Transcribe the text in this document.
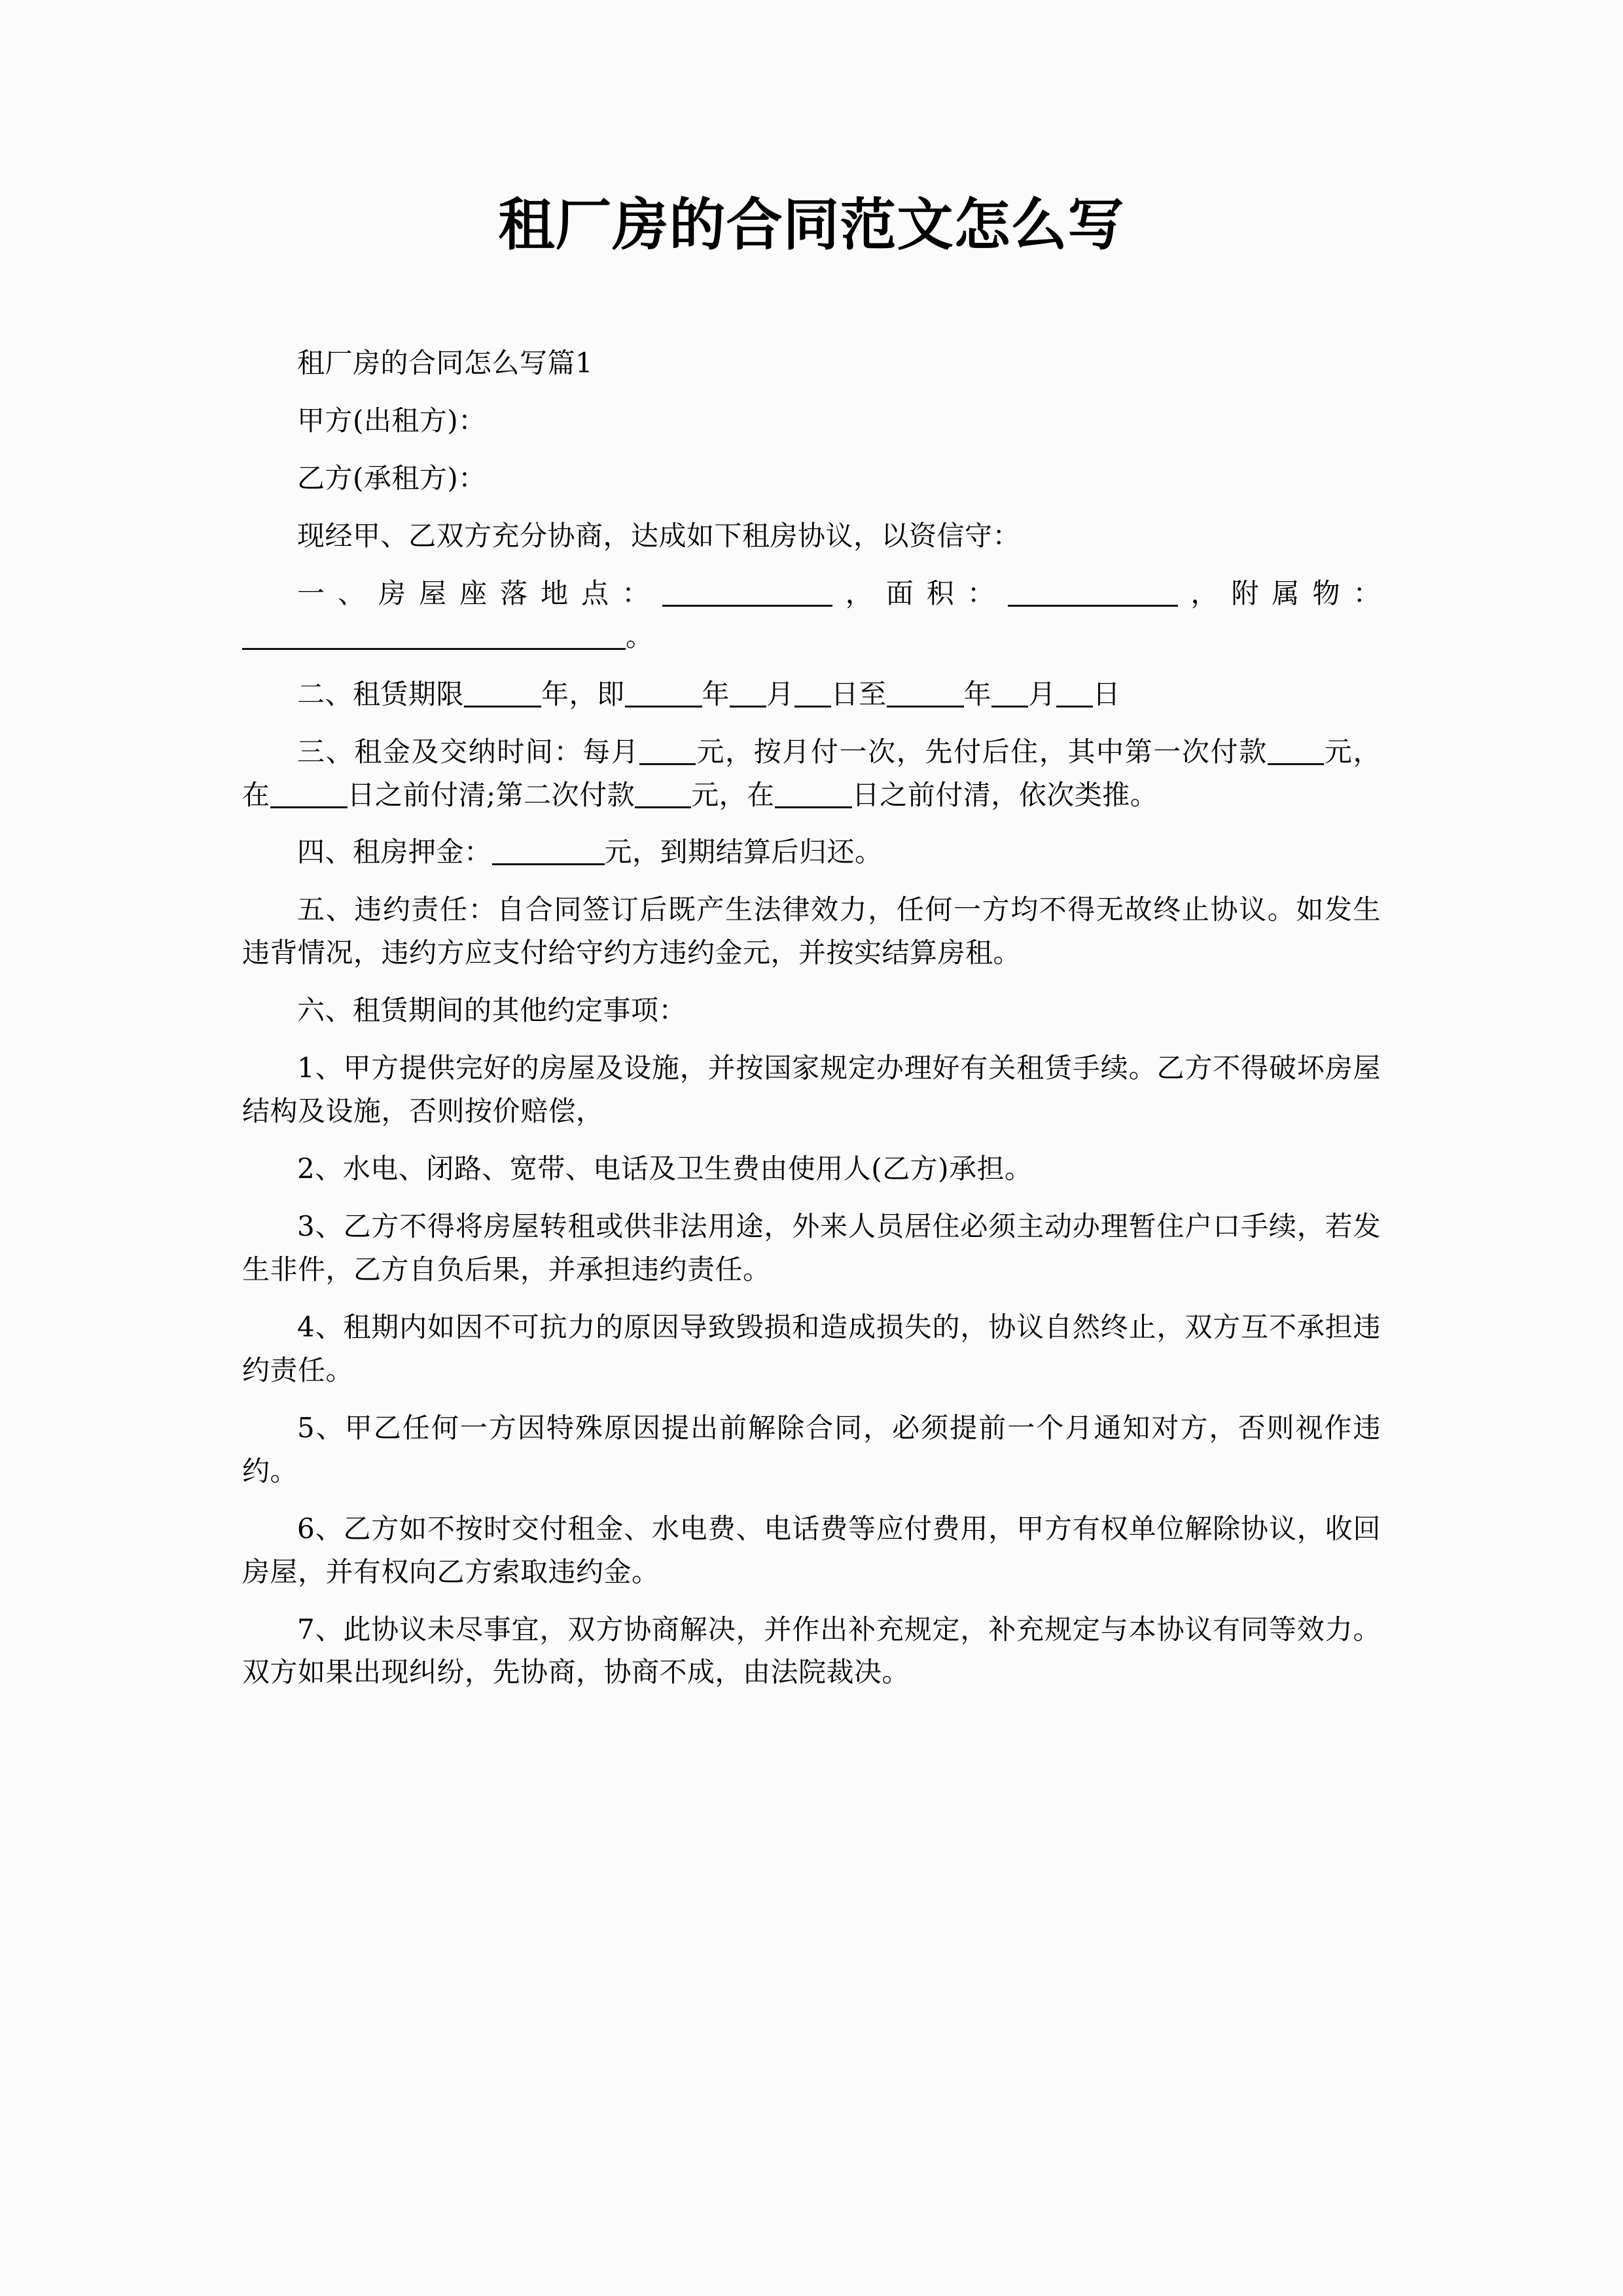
租厂房的合同范文怎么写

租厂房的合同怎么写篇1

甲方(出租方)：

乙方(承租方)：

现经甲、乙双方充分协商，达成如下租房协议，以资信守：

一、房屋座落地点：	，面积：	，附属物：。

二、租赁期限	年，即	年 月 日至	年 月 日

三、租金及交纳时间：每月 元，按月付一次，先付后住，其中第一次付款 元，在	日之前付清;第二次付款 元，在	日之前付清，依次类推。

四、租房押金：	元，到期结算后归还。

五、违约责任：自合同签订后既产生法律效力，任何一方均不得无故终止协议。如发生违背情况，违约方应支付给守约方违约金元，并按实结算房租。

六、租赁期间的其他约定事项：

1、甲方提供完好的房屋及设施，并按国家规定办理好有关租赁手续。乙方不得破坏房屋结构及设施，否则按价赔偿，

2、水电、闭路、宽带、电话及卫生费由使用人(乙方)承担。

3、乙方不得将房屋转租或供非法用途，外来人员居住必须主动办理暂住户口手续，若发生非件，乙方自负后果，并承担违约责任。

4、租期内如因不可抗力的原因导致毁损和造成损失的，协议自然终止，双方互不承担违约责任。

5、甲乙任何一方因特殊原因提出前解除合同，必须提前一个月通知对方，否则视作违约。

6、乙方如不按时交付租金、水电费、电话费等应付费用，甲方有权单位解除协议，收回房屋，并有权向乙方索取违约金。

7、此协议未尽事宜，双方协商解决，并作出补充规定，补充规定与本协议有同等效力。双方如果出现纠纷，先协商，协商不成，由法院裁决。
